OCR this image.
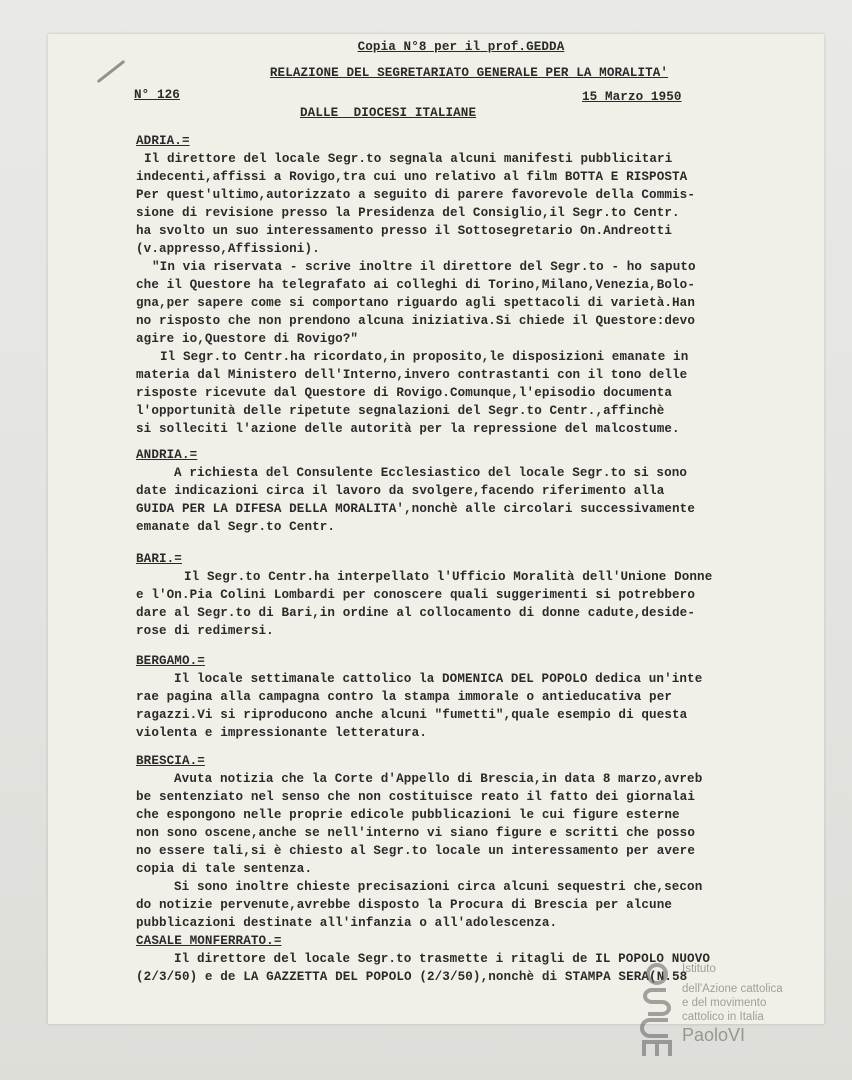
Copia N°8 per il prof.GEDDA

RELAZIONE DEL SEGRETARIATO GENERALE PER LA MORALITA'

N° 126	15 Marzo 1950

DALLE  DIOCESI ITALIANE

ADRIA.=

Il direttore del locale Segr.to segnala alcuni manifesti pubblicitari

indecenti,affissi a Rovigo,tra cui uno relativo al film BOTTA E RISPOSTA

Per quest'ultimo,autorizzato a seguito di parere favorevole della Commis-

sione di revisione presso la Presidenza del Consiglio,il Segr.to Centr.

ha svolto un suo interessamento presso il Sottosegretario On.Andreotti

(v.appresso,Affissioni).

"In via riservata - scrive inoltre il direttore del Segr.to - ho saputo

che il Questore ha telegrafato ai colleghi di Torino,Milano,Venezia,Bolo-

gna,per sapere come si comportano riguardo agli spettacoli di varietà.Han

no risposto che non prendono alcuna iniziativa.Si chiede il Questore:devo

agire io,Questore di Rovigo?"

Il Segr.to Centr.ha ricordato,in proposito,le disposizioni emanate in

materia dal Ministero dell'Interno,invero contrastanti con il tono delle

risposte ricevute dal Questore di Rovigo.Comunque,l'episodio documenta

l'opportunità delle ripetute segnalazioni del Segr.to Centr.,affinchè

si solleciti l'azione delle autorità per la repressione del malcostume.

ANDRIA.=

A richiesta del Consulente Ecclesiastico del locale Segr.to si sono

date indicazioni circa il lavoro da svolgere,facendo riferimento alla

GUIDA PER LA DIFESA DELLA MORALITA',nonchè alle circolari successivamente

emanate dal Segr.to Centr.

BARI.=

Il Segr.to Centr.ha interpellato l'Ufficio Moralità dell'Unione Donne

e l'On.Pia Colini Lombardi per conoscere quali suggerimenti si potrebbero

dare al Segr.to di Bari,in ordine al collocamento di donne cadute,deside-

rose di redimersi.

BERGAMO.=

Il locale settimanale cattolico la DOMENICA DEL POPOLO dedica un'inte

rae pagina alla campagna contro la stampa immorale o antieducativa per

ragazzi.Vi si riproducono anche alcuni "fumetti",quale esempio di questa

violenta e impressionante letteratura.

BRESCIA.=

Avuta notizia che la Corte d'Appello di Brescia,in data 8 marzo,avreb

be sentenziato nel senso che non costituisce reato il fatto dei giornalai

che espongono nelle proprie edicole pubblicazioni le cui figure esterne

non sono oscene,anche se nell'interno vi siano figure e scritti che posso

no essere tali,si è chiesto al Segr.to locale un interessamento per avere

copia di tale sentenza.

Si sono inoltre chieste precisazioni circa alcuni sequestri che,secon

do notizie pervenute,avrebbe disposto la Procura di Brescia per alcune

pubblicazioni destinate all'infanzia o all'adolescenza.

CASALE MONFERRATO.=

Il direttore del locale Segr.to trasmette i ritagli de IL POPOLO NUOVO

(2/3/50) e de LA GAZZETTA DEL POPOLO (2/3/50),nonchè di STAMPA SERA(N.58

Istituto
dell'Azione cattolica
e del movimento
cattolico in Italia
PaoloVI
